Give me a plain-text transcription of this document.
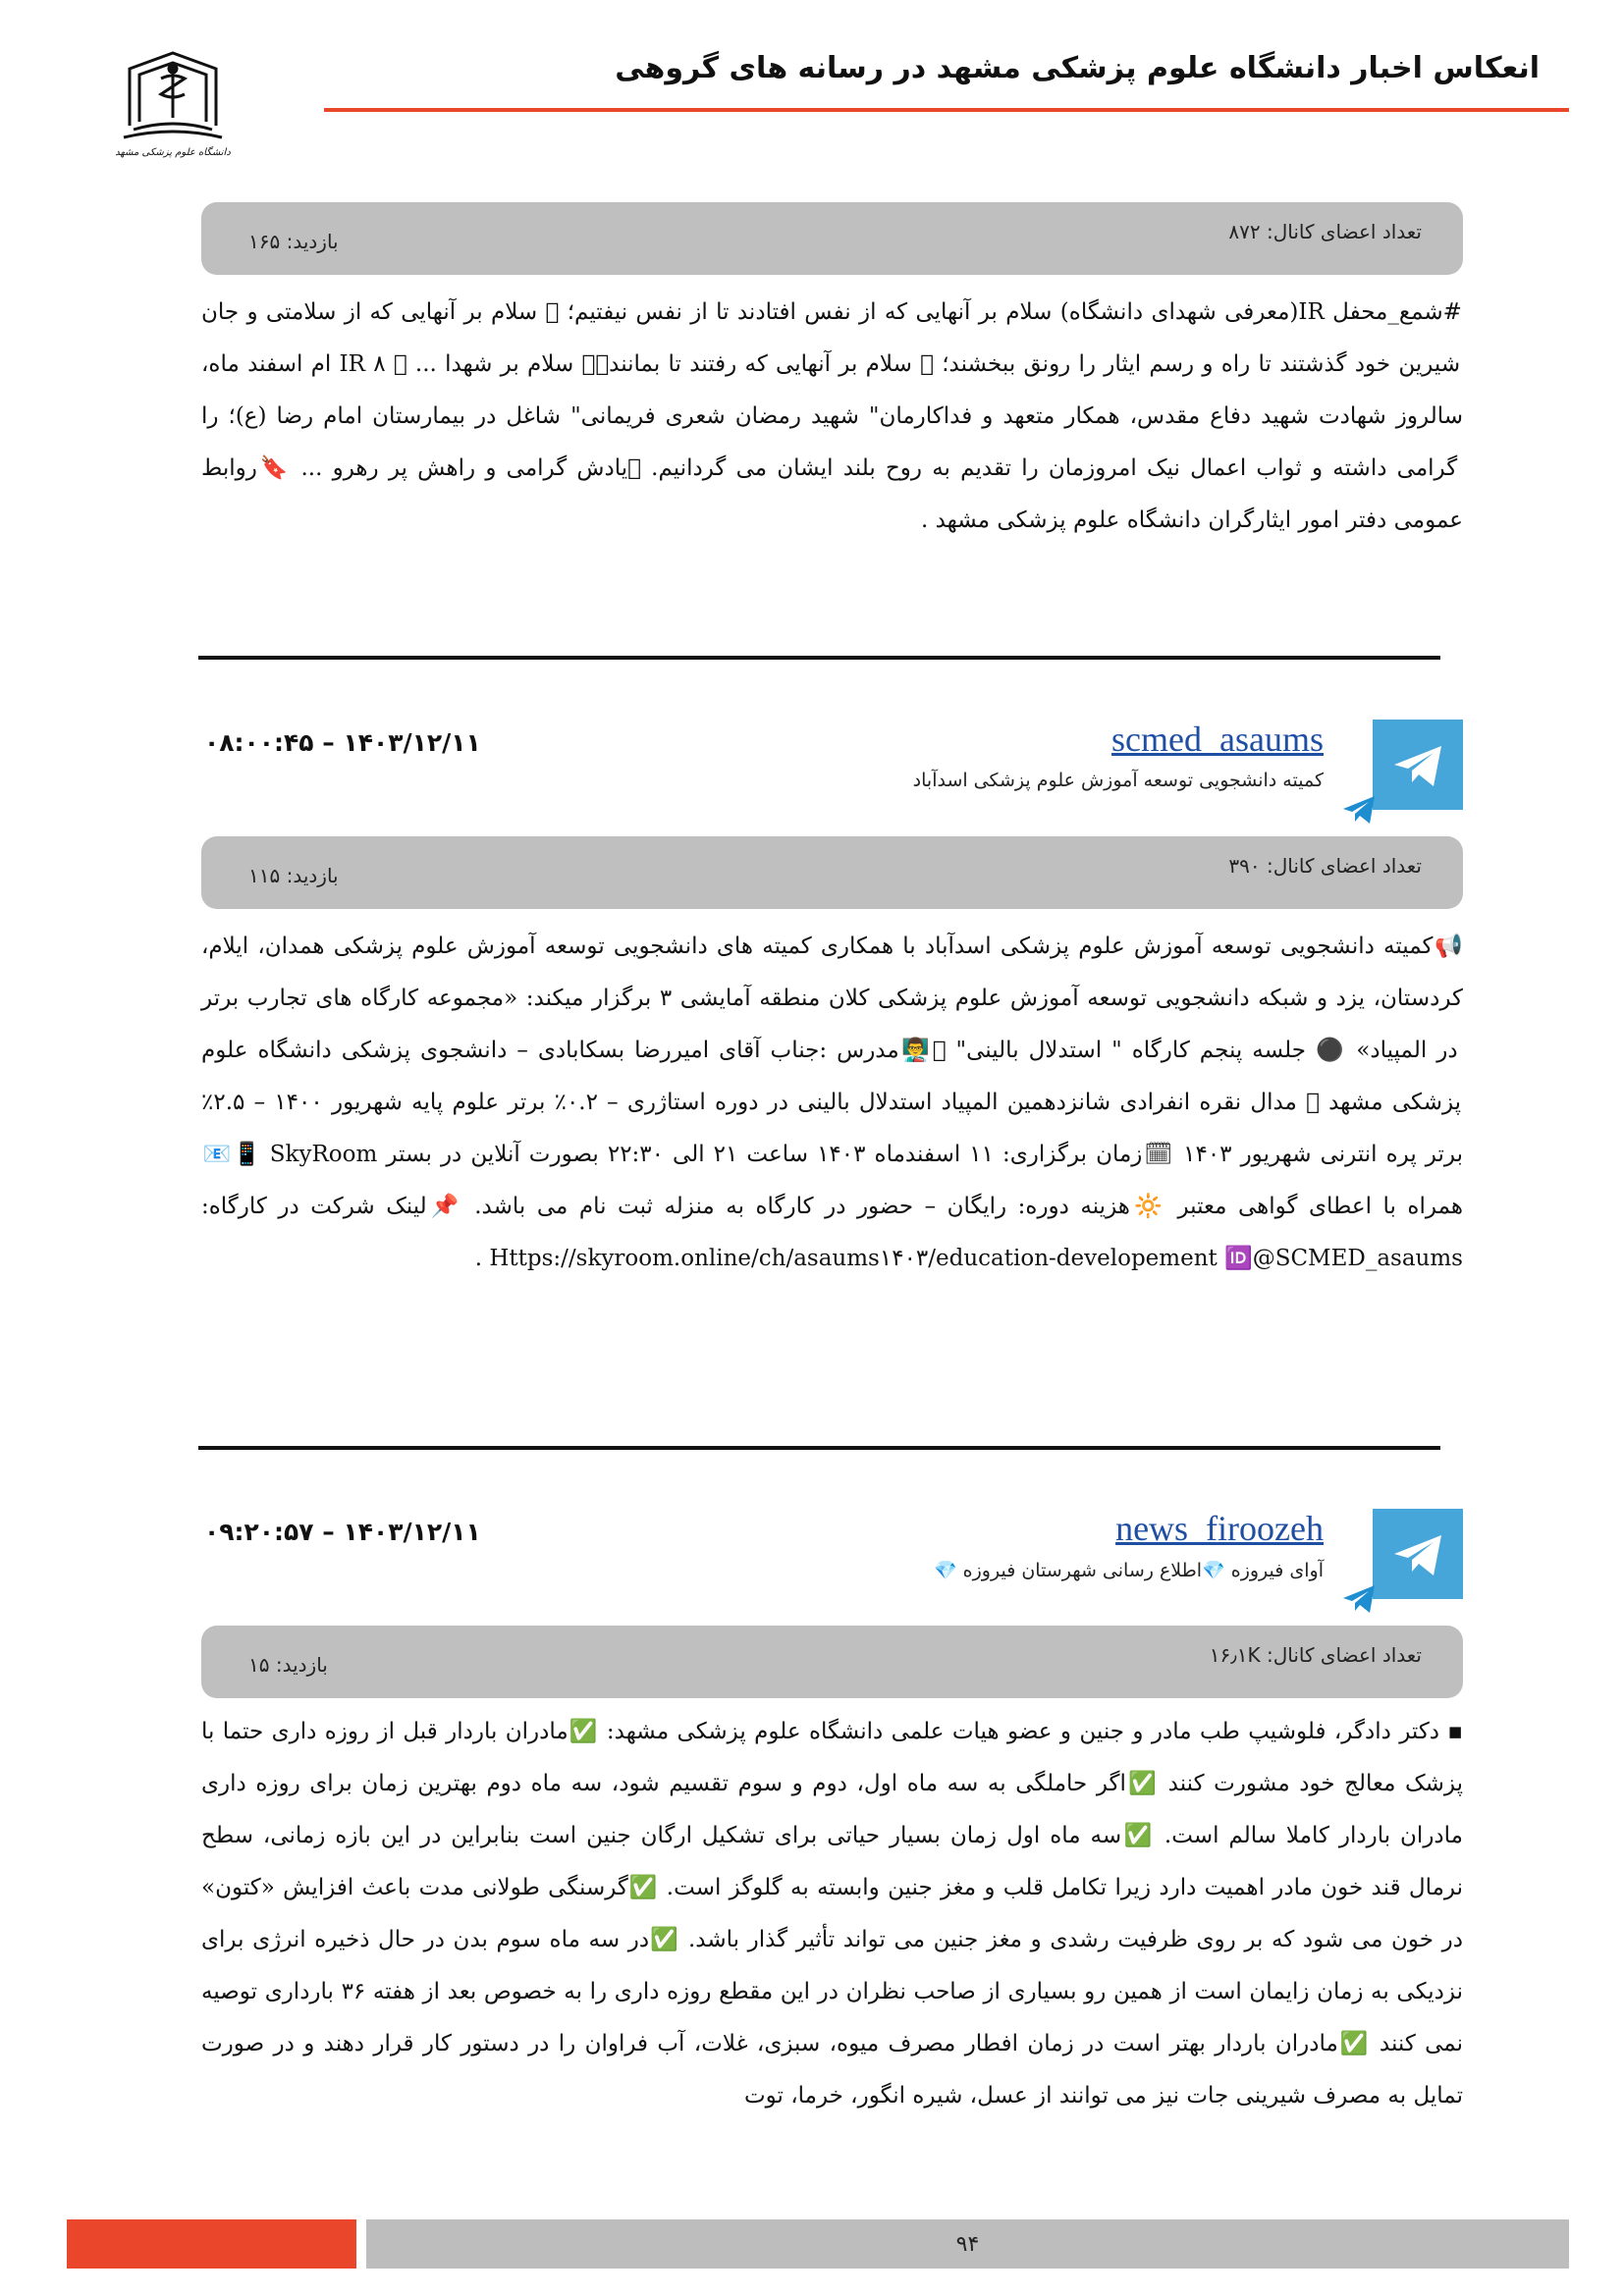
دانشگاه علوم پزشکی مشهد
انعکاس اخبار دانشگاه علوم پزشکی مشهد در رسانه های گروهی
تعداد اعضای کانال: ۸۷۲
بازدید: ۱۶۵

#شمع_محفل IR(معرفی شهدای دانشگاه) سلام بر آنهایی که از نفس افتادند تا از نفس نیفتیم؛ ⃞ سلام بر آنهایی که از سلامتی و جان شیرین خود گذشتند تا راه و رسم ایثار را رونق ببخشند؛ ⃞ سلام بر آنهایی که رفتند تا بمانند؛⃞ سلام بر شهدا ... ⃞ IR ۸ ام اسفند ماه، سالروز شهادت شهید دفاع مقدس، همکار متعهد و فداکارمان" شهید رمضان شعری فریمانی" شاغل در بیمارستان امام رضا (ع)؛ را گرامی داشته و ثواب اعمال نیک امروزمان را تقدیم به روح بلند ایشان می گردانیم. ⃞یادش گرامی و راهش پر رهرو ... 🔖روابط عمومی دفتر امور ایثارگران دانشگاه علوم پزشکی مشهد .

scmed_asaums
کمیته دانشجویی توسعه آموزش علوم پزشکی اسدآباد
۰۸:۰۰:۴۵ – ۱۴۰۳/۱۲/۱۱
تعداد اعضای کانال: ۳۹۰
بازدید: ۱۱۵

📢کمیته دانشجویی توسعه آموزش علوم پزشکی اسدآباد با همکاری کمیته های دانشجویی توسعه آموزش علوم پزشکی همدان، ایلام، کردستان، یزد و شبکه دانشجویی توسعه آموزش علوم پزشکی کلان منطقه آمایشی ۳ برگزار میکند: «مجموعه کارگاه های تجارب برتر در المپیاد» ⚫ جلسه پنجم کارگاه " استدلال بالینی" ⃞👨‍🏫مدرس :جناب آقای امیررضا بسکابادی – دانشجوی پزشکی دانشگاه علوم پزشکی مشهد ⃞ مدال نقره انفرادی شانزدهمین المپیاد استدلال بالینی در دوره استاژری – ۰.۲٪ برتر علوم پایه شهریور ۱۴۰۰ – ۲.۵٪ برتر پره انترنی شهریور ۱۴۰۳ 🗓زمان برگزاری: ۱۱ اسفندماه ۱۴۰۳ ساعت ۲۱ الی ۲۲:۳۰ بصورت آنلاین در بستر SkyRoom 📱📧همراه با اعطای گواهی معتبر 🔆هزینه دوره: رایگان – حضور در کارگاه به منزله ثبت نام می باشد. 📌لینک شرکت در کارگاه: Https://skyroom.online/ch/asaums۱۴۰۳/education-developement 🆔@SCMED_asaums .

news_firoozeh
آوای فیروزه 💎اطلاع رسانی شهرستان فیروزه 💎
۰۹:۲۰:۵۷ – ۱۴۰۳/۱۲/۱۱
تعداد اعضای کانال: ۱۶٫۱K
بازدید: ۱۵

▪ دکتر دادگر، فلوشیپ طب مادر و جنین و عضو هیات علمی دانشگاه علوم پزشکی مشهد: ✅مادران باردار قبل از روزه داری حتما با پزشک معالج خود مشورت کنند ✅اگر حاملگی به سه ماه اول، دوم و سوم تقسیم شود، سه ماه دوم بهترین زمان برای روزه داری مادران باردار کاملا سالم است. ✅سه ماه اول زمان بسیار حیاتی برای تشکیل ارگان جنین است بنابراین در این بازه زمانی، سطح نرمال قند خون مادر اهمیت دارد زیرا تکامل قلب و مغز جنین وابسته به گلوگز است. ✅گرسنگی طولانی مدت باعث افزایش «کتون» در خون می شود که بر روی ظرفیت رشدی و مغز جنین می تواند تأثیر گذار باشد. ✅در سه ماه سوم بدن در حال ذخیره انرژی برای نزدیکی به زمان زایمان است از همین رو بسیاری از صاحب نظران در این مقطع روزه داری را به خصوص بعد از هفته ۳۶ بارداری توصیه نمی کنند ✅مادران باردار بهتر است در زمان افطار مصرف میوه، سبزی، غلات، آب فراوان را در دستور کار قرار دهند و در صورت تمایل به مصرف شیرینی جات نیز می توانند از عسل، شیره انگور، خرما، توت

۹۴
